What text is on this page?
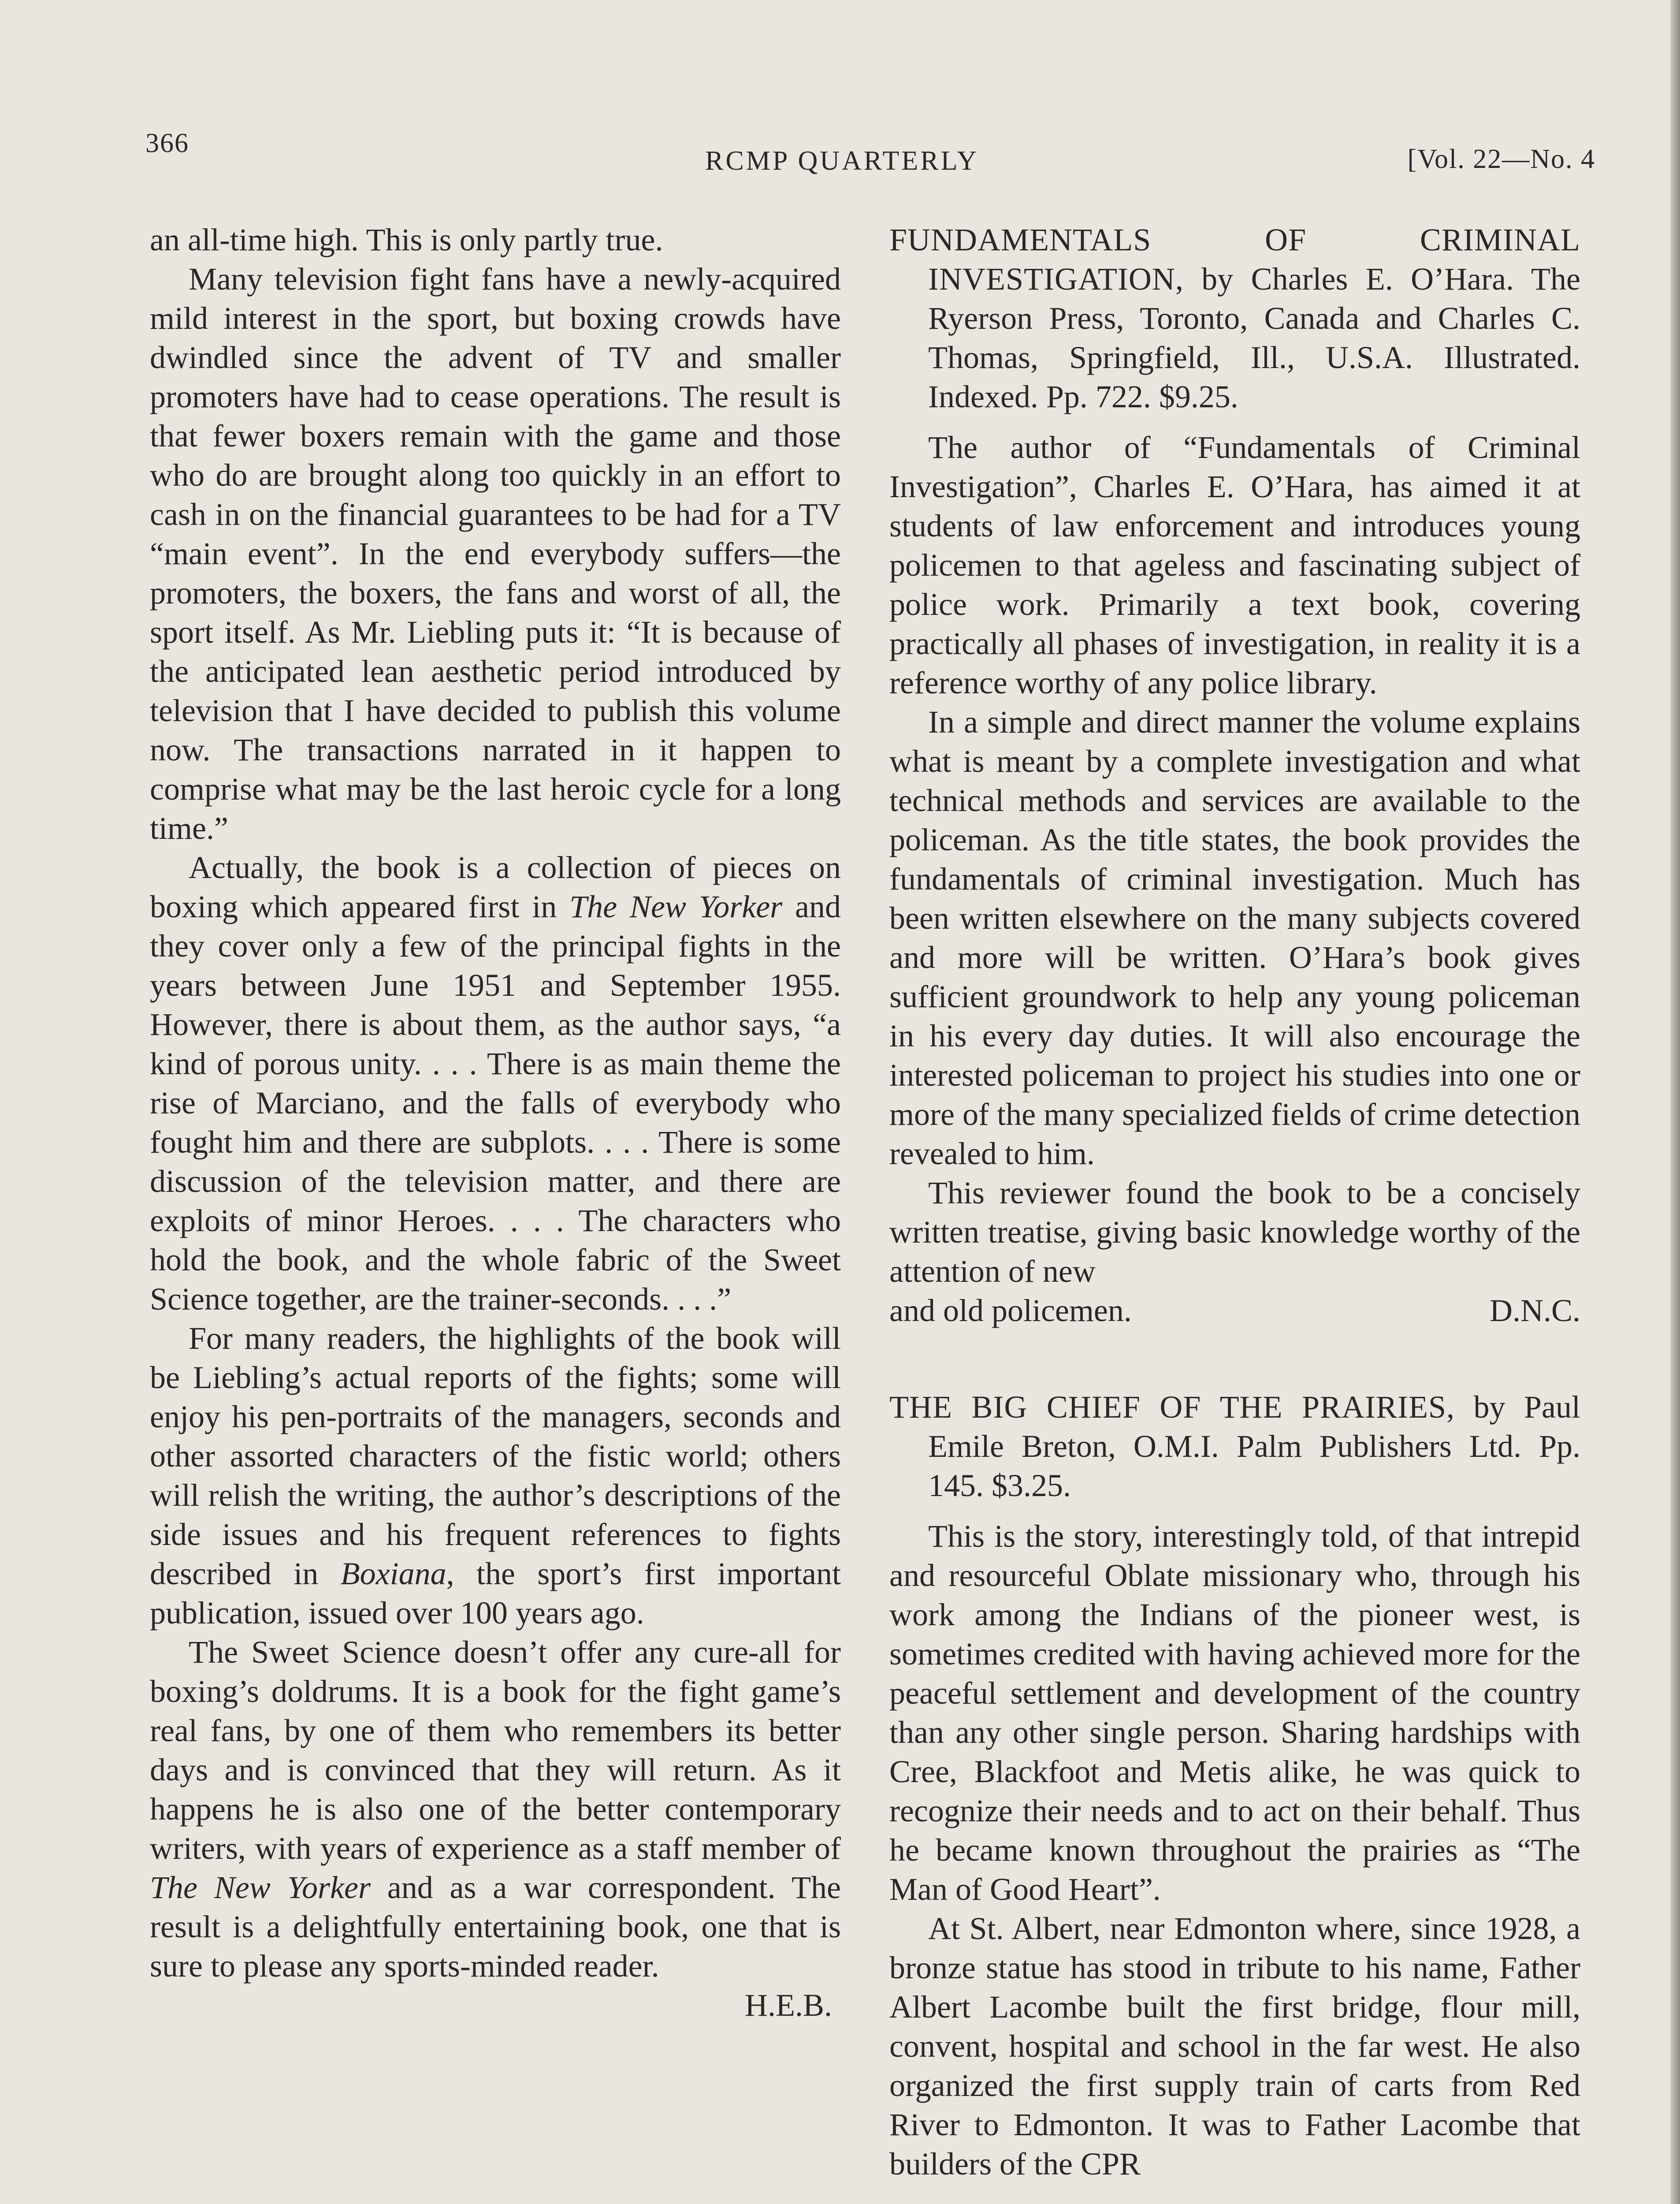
366
RCMP QUARTERLY	[Vol. 22—No. 4

an all-time high. This is only partly true.

Many television fight fans have a newly-acquired mild interest in the sport, but boxing crowds have dwindled since the advent of TV and smaller promoters have had to cease operations. The result is that fewer boxers remain with the game and those who do are brought along too quickly in an effort to cash in on the financial guarantees to be had for a TV “main event”. In the end everybody suffers—the promoters, the boxers, the fans and worst of all, the sport itself. As Mr. Liebling puts it: “It is because of the anticipated lean aesthetic period introduced by television that I have decided to publish this volume now. The transactions narrated in it happen to comprise what may be the last heroic cycle for a long time.”

Actually, the book is a collection of pieces on boxing which appeared first in The New Yorker and they cover only a few of the principal fights in the years between June 1951 and September 1955. However, there is about them, as the author says, “a kind of porous unity. . . . There is as main theme the rise of Marciano, and the falls of everybody who fought him and there are subplots. . . . There is some discussion of the television matter, and there are exploits of minor Heroes. . . . The characters who hold the book, and the whole fabric of the Sweet Science together, are the trainer-seconds. . . .”

For many readers, the highlights of the book will be Liebling’s actual reports of the fights; some will enjoy his pen-portraits of the managers, seconds and other assorted characters of the fistic world; others will relish the writing, the author’s descriptions of the side issues and his frequent references to fights described in Boxiana, the sport’s first important publication, issued over 100 years ago.

The Sweet Science doesn’t offer any cure-all for boxing’s doldrums. It is a book for the fight game’s real fans, by one of them who remembers its better days and is convinced that they will return. As it happens he is also one of the better contemporary writers, with years of experience as a staff member of The New Yorker and as a war correspondent. The result is a delightfully entertaining book, one that is sure to please any sports-minded reader.

H.E.B.
FUNDAMENTALS OF CRIMINAL INVESTIGATION, by Charles E. O’Hara. The Ryerson Press, Toronto, Canada and Charles C. Thomas, Springfield, Ill., U.S.A. Illustrated. Indexed. Pp. 722. $9.25.

The author of “Fundamentals of Criminal Investigation”, Charles E. O’Hara, has aimed it at students of law enforcement and introduces young policemen to that ageless and fascinating subject of police work. Primarily a text book, covering practically all phases of investigation, in reality it is a reference worthy of any police library.

In a simple and direct manner the volume explains what is meant by a complete investigation and what technical methods and services are available to the policeman. As the title states, the book provides the fundamentals of criminal investigation. Much has been written elsewhere on the many subjects covered and more will be written. O’Hara’s book gives sufficient groundwork to help any young policeman in his every day duties. It will also encourage the interested policeman to project his studies into one or more of the many specialized fields of crime detection revealed to him.

This reviewer found the book to be a concisely written treatise, giving basic knowledge worthy of the attention of new

and old policemen.	D.N.C.
THE BIG CHIEF OF THE PRAIRIES, by Paul Emile Breton, O.M.I. Palm Publishers Ltd. Pp. 145. $3.25.

This is the story, interestingly told, of that intrepid and resourceful Oblate missionary who, through his work among the Indians of the pioneer west, is sometimes credited with having achieved more for the peaceful settlement and development of the country than any other single person. Sharing hardships with Cree, Blackfoot and Metis alike, he was quick to recognize their needs and to act on their behalf. Thus he became known throughout the prairies as “The Man of Good Heart”.

At St. Albert, near Edmonton where, since 1928, a bronze statue has stood in tribute to his name, Father Albert Lacombe built the first bridge, flour mill, convent, hospital and school in the far west. He also organized the first supply train of carts from Red River to Edmonton. It was to Father Lacombe that builders of the CPR
